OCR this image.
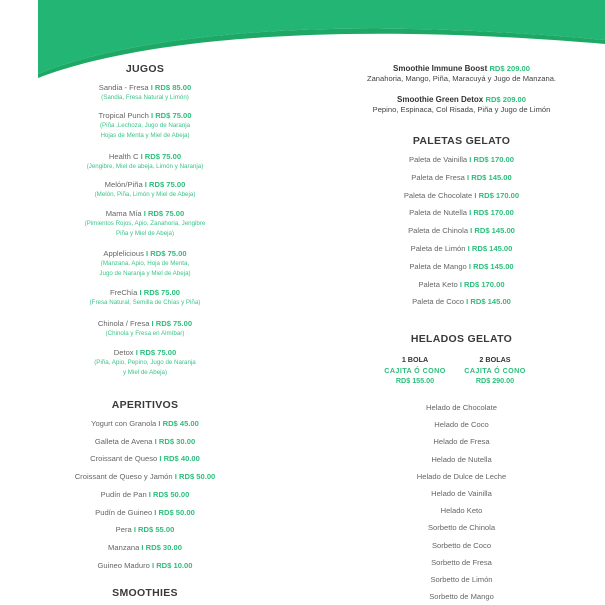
JUGOS
Sandia - Fresa I RD$ 85.00
(Sandia, Fresa Natural y Limón)
Tropical Punch I RD$ 75.00
(Piña ,Lechoza, Jugo de Naranja
Hojas de Menta y Miel de Abeja)
Health C I RD$ 75.00
(Jengibre, Miel de abeja, Limón y Naranja)
Melón/Piña I RD$ 75.00
(Melón, Piña, Limón y Miel de Abeja)
Mama Mía I RD$ 75.00
(Pimientos Rojos, Apio, Zanahoria, Jengibre
Piña y Miel de Abeja)
Applelicious I RD$ 75.00
(Manzana, Apio, Hoja de Menta,
Jugo de Naranja y Miel de Abeja)
FreChía I RD$ 75.00
(Fresa Natural, Semilla de Chías y Piña)
Chinola / Fresa I RD$ 75.00
(Chinola y Fresa en Almíbar)
Detox I RD$ 75.00
(Piña, Apio, Pepino, Jugo de Naranja
y Miel de Abeja)
APERITIVOS
Yogurt con Granola I RD$ 45.00
Galleta de Avena I RD$ 30.00
Croissant de Queso I RD$ 40.00
Croissant de Queso y Jamón I RD$ 50.00
Pudín de Pan I RD$ 50.00
Pudín de Guineo I RD$ 50.00
Pera I RD$ 55.00
Manzana I RD$ 30.00
Guineo Maduro I RD$ 10.00
SMOOTHIES
Smoothie Immune Boost RD$ 209.00
Zanahoria, Mango, Piña, Maracuyá y Jugo de Manzana.
Smoothie Green Detox RD$ 209.00
Pepino, Espinaca, Col Risada, Piña y Jugo de Limón
PALETAS GELATO
Paleta de Vainilla I RD$ 170.00
Paleta de Fresa I RD$ 145.00
Paleta de Chocolate I RD$ 170.00
Paleta de Nutella I RD$ 170.00
Paleta de Chinola I RD$ 145.00
Paleta de Limón I RD$ 145.00
Paleta de Mango I RD$ 145.00
Paleta Keto I RD$ 170.00
Paleta de Coco I RD$ 145.00
HELADOS GELATO
1 BOLA
CAJITA Ó CONO
RD$ 155.00
2 BOLAS
CAJITA Ó CONO
RD$ 290.00
Helado de Chocolate
Helado de Coco
Helado de Fresa
Helado de Nutella
Helado de Dulce de Leche
Helado de Vainilla
Helado Keto
Sorbetto de Chinola
Sorbetto de Coco
Sorbetto de Fresa
Sorbetto de Limón
Sorbetto de Mango
